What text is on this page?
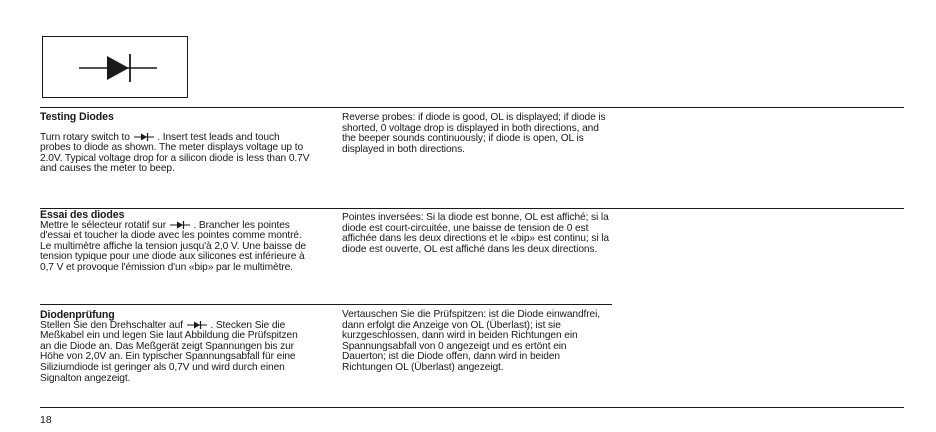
Testing Diodes
Turn rotary switch to	. Insert test leads and touch probes to diode as shown. The meter displays voltage up to 2.0V. Typical voltage drop for a silicon diode is less than 0.7V and causes the meter to beep.
Reverse probes: if diode is good, OL is displayed; if diode is shorted, 0 voltage drop is displayed in both directions, and the beeper sounds continuously; if diode is open, OL is displayed in both directions.
Essai des diodes
Mettre le sélecteur rotatif sur	. Brancher les pointes d'essai et toucher la diode avec les pointes comme montré. Le multimètre affiche la tension jusqu'à 2,0 V. Une baisse de tension typique pour une diode aux silicones est inférieure à 0,7 V et provoque l'émission d'un «bip» par le multimètre.
Pointes inversées: Si la diode est bonne, OL est affiché; si la diode est court-circuitée, une baisse de tension de 0 est affichée dans les deux directions et le «bip» est continu; si la diode est ouverte, OL est affiché dans les deux directions.
Diodenprüfung
Stellen Sie den Drehschalter auf	. Stecken Sie die Meßkabel ein und legen Sie laut Abbildung die Prüfspitzen an die Diode an. Das Meßgerät zeigt Spannungen bis zur Höhe von 2,0V an. Ein typischer Spannungsabfall für eine Siliziumdiode ist geringer als 0,7V und wird durch einen Signalton angezeigt.
Vertauschen Sie die Prüfspitzen: ist die Diode einwandfrei, dann erfolgt die Anzeige von OL (Überlast); ist sie kurzgeschlossen, dann wird in beiden Richtungen ein Spannungsabfall von 0 angezeigt und es ertönt ein Dauerton; ist die Diode offen, dann wird in beiden Richtungen OL (Überlast) angezeigt.
18
